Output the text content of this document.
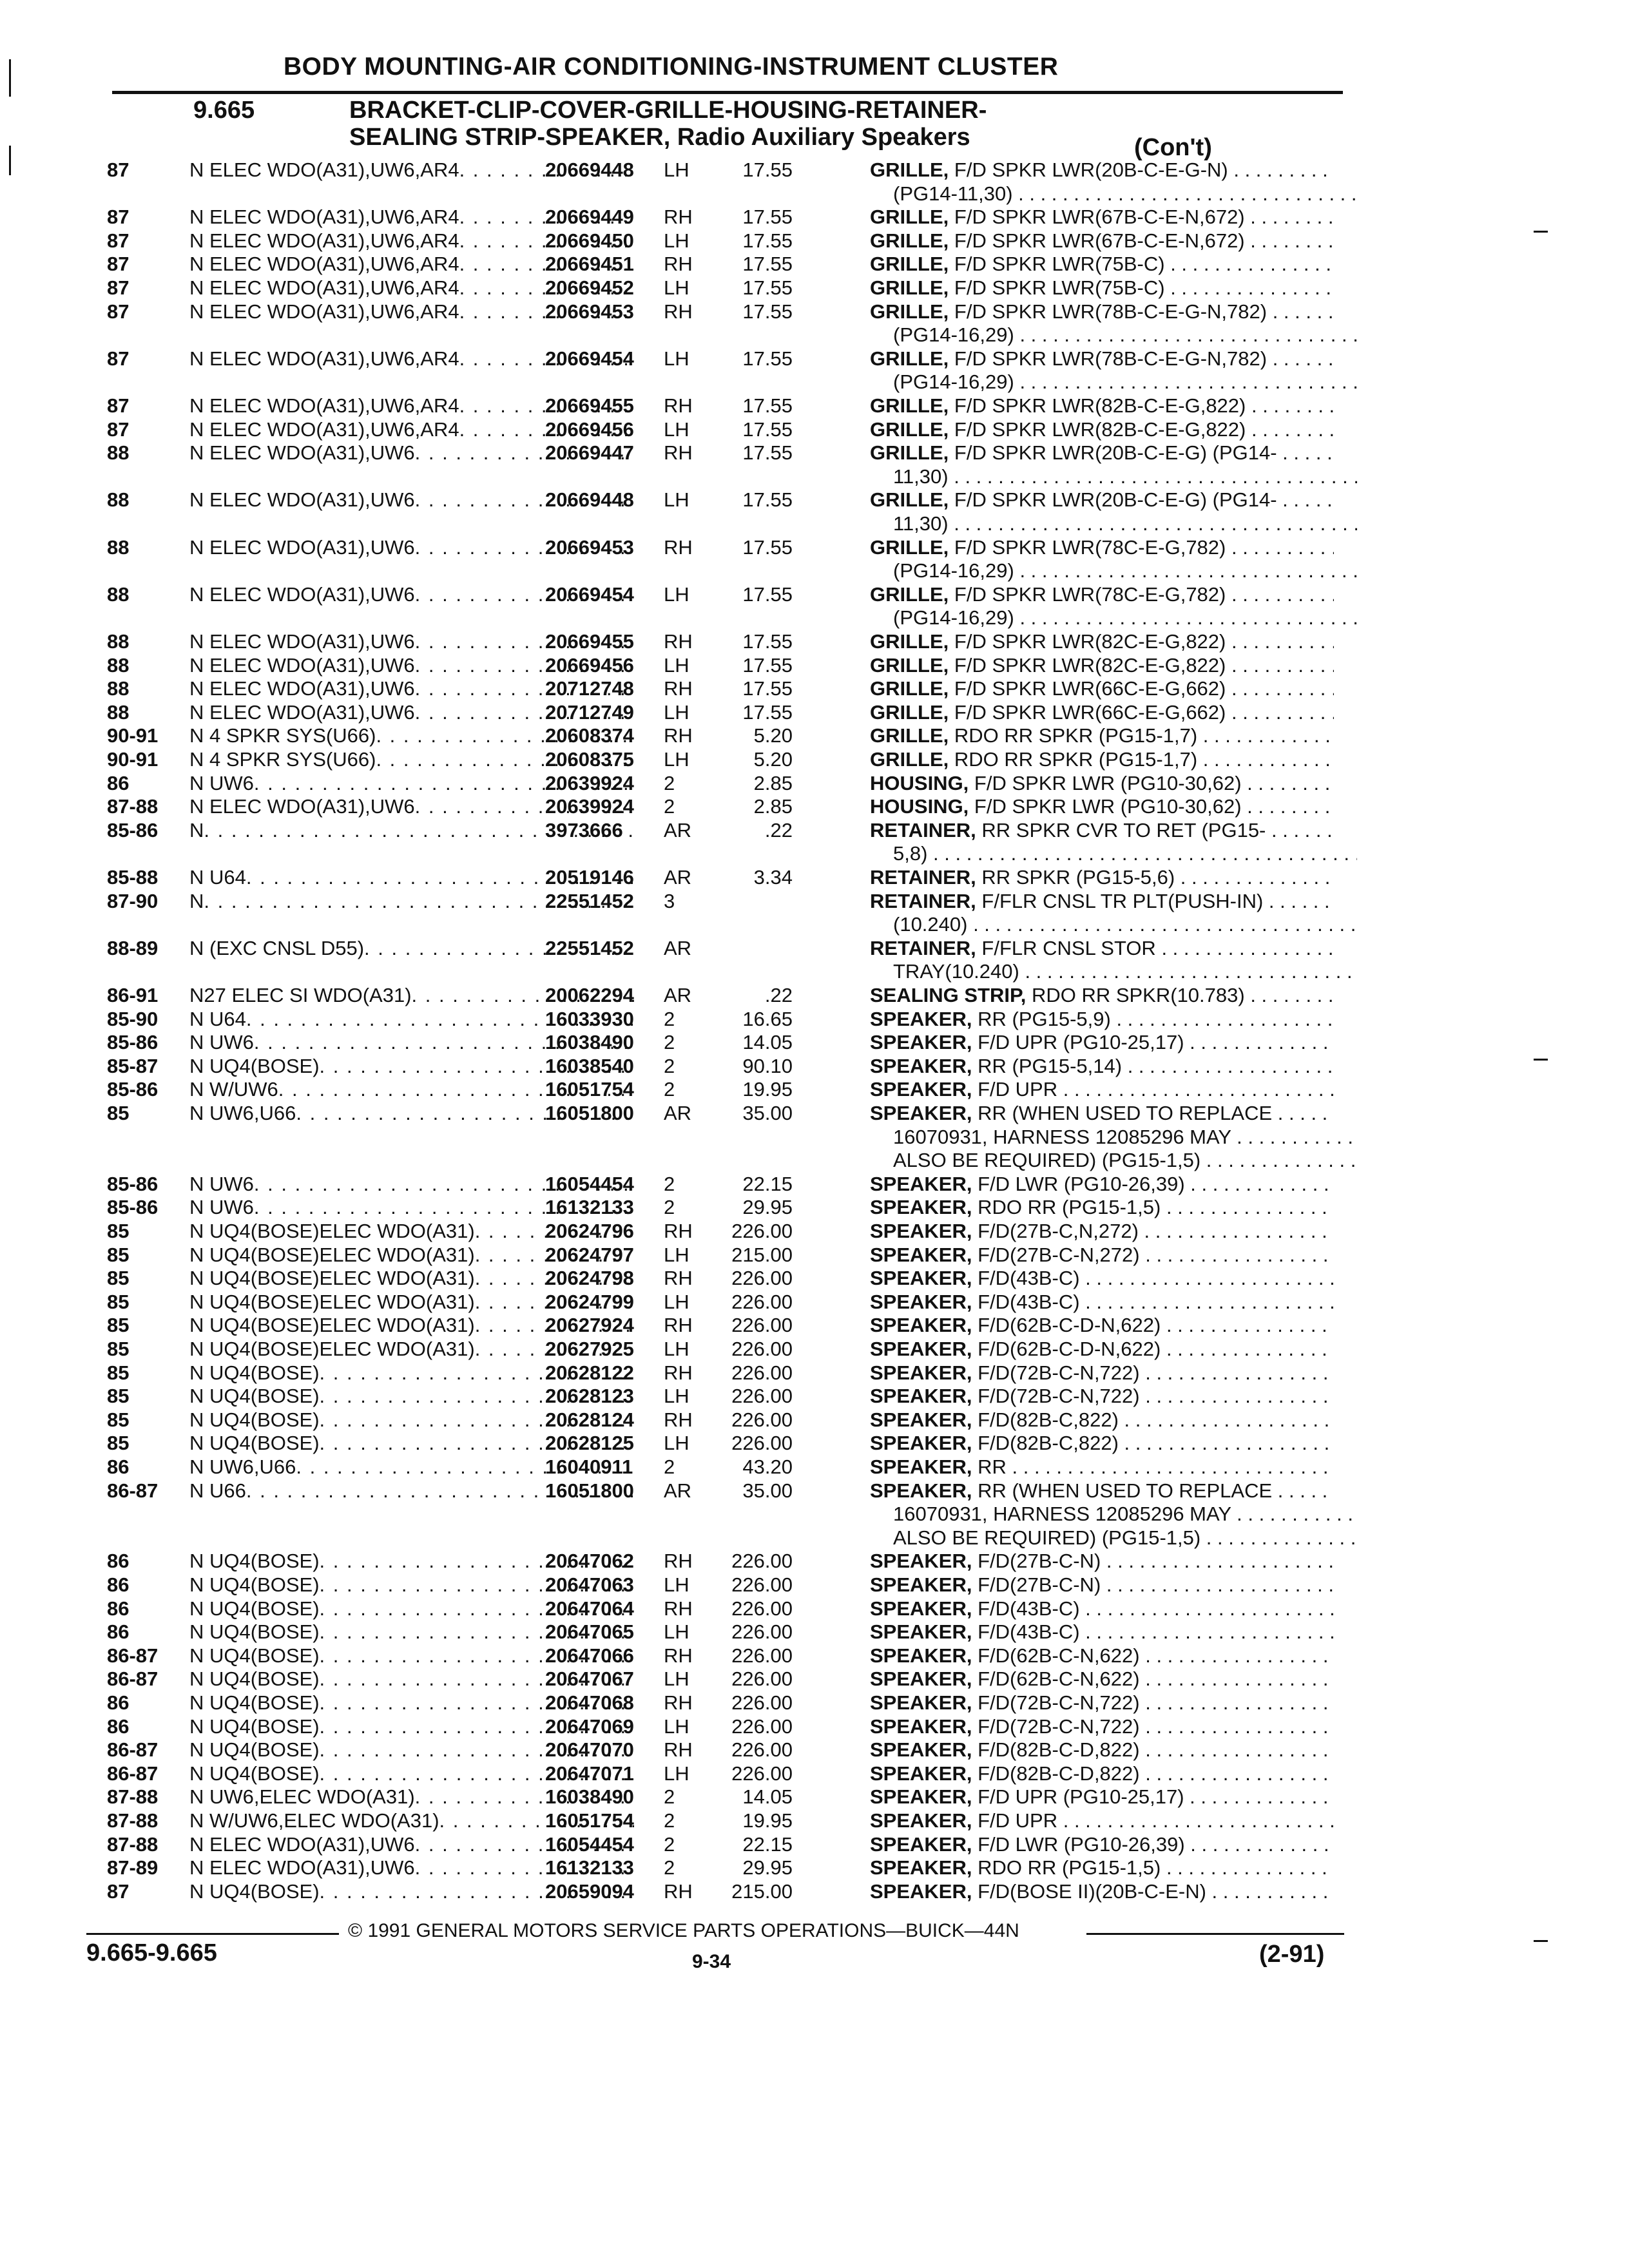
BODY MOUNTING-AIR CONDITIONING-INSTRUMENT CLUSTER
9.665	BRACKET-CLIP-COVER-GRILLE-HOUSING-RETAINER-
SEALING STRIP-SPEAKER, Radio Auxiliary Speakers	(Con't)
87	N ELEC WDO(A31),UW6,AR4 . . .	20669448 LH	17.55	GRILLE, F/D SPKR LWR(20B-C-E-G-N) . . .
(PG14-11,30) . . .
87	N ELEC WDO(A31),UW6,AR4 . . .	20669449 RH	17.55	GRILLE, F/D SPKR LWR(67B-C-E-N,672) . . .
87	N ELEC WDO(A31),UW6,AR4 . . .	20669450 LH	17.55	GRILLE, F/D SPKR LWR(67B-C-E-N,672) . . .
87	N ELEC WDO(A31),UW6,AR4 . . .	20669451 RH	17.55	GRILLE, F/D SPKR LWR(75B-C) . . .
87	N ELEC WDO(A31),UW6,AR4 . . .	20669452 LH	17.55	GRILLE, F/D SPKR LWR(75B-C) . . .
87	N ELEC WDO(A31),UW6,AR4 . . .	20669453 RH	17.55	GRILLE, F/D SPKR LWR(78B-C-E-G-N,782) . . .
(PG14-16,29) . . .
87	N ELEC WDO(A31),UW6,AR4 . . .	20669454 LH	17.55	GRILLE, F/D SPKR LWR(78B-C-E-G-N,782) . . .
(PG14-16,29) . . .
87	N ELEC WDO(A31),UW6,AR4 . . .	20669455 RH	17.55	GRILLE, F/D SPKR LWR(82B-C-E-G,822) . . .
87	N ELEC WDO(A31),UW6,AR4 . . .	20669456 LH	17.55	GRILLE, F/D SPKR LWR(82B-C-E-G,822) . . .
88	N ELEC WDO(A31),UW6 . . .	20669447 RH	17.55	GRILLE, F/D SPKR LWR(20B-C-E-G) (PG14- . . .
11,30) . . .
88	N ELEC WDO(A31),UW6 . . .	20669448 LH	17.55	GRILLE, F/D SPKR LWR(20B-C-E-G) (PG14- . . .
11,30) . . .
88	N ELEC WDO(A31),UW6 . . .	20669453 RH	17.55	GRILLE, F/D SPKR LWR(78C-E-G,782) . . .
(PG14-16,29) . . .
88	N ELEC WDO(A31),UW6 . . .	20669454 LH	17.55	GRILLE, F/D SPKR LWR(78C-E-G,782) . . .
(PG14-16,29) . . .
88	N ELEC WDO(A31),UW6 . . .	20669455 RH	17.55	GRILLE, F/D SPKR LWR(82C-E-G,822) . . .
88	N ELEC WDO(A31),UW6 . . .	20669456 LH	17.55	GRILLE, F/D SPKR LWR(82C-E-G,822) . . .
88	N ELEC WDO(A31),UW6 . . .	20712748 RH	17.55	GRILLE, F/D SPKR LWR(66C-E-G,662) . . .
88	N ELEC WDO(A31),UW6 . . .	20712749 LH	17.55	GRILLE, F/D SPKR LWR(66C-E-G,662) . . .
90-91 N 4 SPKR SYS(U66) . . .	20608374 RH	5.20	GRILLE, RDO RR SPKR (PG15-1,7) . . .
90-91 N 4 SPKR SYS(U66) . . .	20608375 LH	5.20	GRILLE, RDO RR SPKR (PG15-1,7) . . .
86	N UW6 . . .	20639924 2	2.85	HOUSING, F/D SPKR LWR (PG10-30,62) . . .
87-88 N ELEC WDO(A31),UW6 . . .	20639924 2	2.85	HOUSING, F/D SPKR LWR (PG10-30,62) . . .
85-86 N . . .	3973666 AR	.22	RETAINER, RR SPKR CVR TO RET (PG15- . . .
5,8) . . .
85-88 N U64 . . .	20519146 AR	3.34	RETAINER, RR SPKR (PG15-5,6) . . .
87-90 N . . .	22551452 3	RETAINER, F/FLR CNSL TR PLT(PUSH-IN) . . .
(10.240) . . .
88-89 N (EXC CNSL D55) . . .	22551452 AR	RETAINER, F/FLR CNSL STOR . . .
TRAY(10.240) . . .
86-91 N27 ELEC SI WDO(A31) . . .	20062294 AR	.22	SEALING STRIP, RDO RR SPKR(10.783) . . .
85-90 N U64 . . .	16033930 2	16.65	SPEAKER, RR (PG15-5,9) . . .
85-86 N UW6 . . .	16038490 2	14.05	SPEAKER, F/D UPR (PG10-25,17) . . .
85-87 N UQ4(BOSE) . . .	16038540 2	90.10	SPEAKER, RR (PG15-5,14) . . .
85-86 N W/UW6 . . .	16051754 2	19.95	SPEAKER, F/D UPR . . .
85	N UW6,U66 . . .	16051800 AR	35.00	SPEAKER, RR (WHEN USED TO REPLACE . . .
16070931, HARNESS 12085296 MAY . . .
ALSO BE REQUIRED) (PG15-1,5) . . .
85-86 N UW6 . . .	16054454 2	22.15	SPEAKER, F/D LWR (PG10-26,39) . . .
85-86 N UW6 . . .	16132133 2	29.95	SPEAKER, RDO RR (PG15-1,5) . . .
85	N UQ4(BOSE)ELEC WDO(A31) . . .	20624796 RH	226.00	SPEAKER, F/D(27B-C,N,272) . . .
85	N UQ4(BOSE)ELEC WDO(A31) . . .	20624797 LH	215.00	SPEAKER, F/D(27B-C-N,272) . . .
85	N UQ4(BOSE)ELEC WDO(A31) . . .	20624798 RH	226.00	SPEAKER, F/D(43B-C) . . .
85	N UQ4(BOSE)ELEC WDO(A31) . . .	20624799 LH	226.00	SPEAKER, F/D(43B-C) . . .
85	N UQ4(BOSE)ELEC WDO(A31) . . .	20627924 RH	226.00	SPEAKER, F/D(62B-C-D-N,622) . . .
85	N UQ4(BOSE)ELEC WDO(A31) . . .	20627925 LH	226.00	SPEAKER, F/D(62B-C-D-N,622) . . .
85	N UQ4(BOSE) . . .	20628122 RH	226.00	SPEAKER, F/D(72B-C-N,722) . . .
85	N UQ4(BOSE) . . .	20628123 LH	226.00	SPEAKER, F/D(72B-C-N,722) . . .
85	N UQ4(BOSE) . . .	20628124 RH	226.00	SPEAKER, F/D(82B-C,822) . . .
85	N UQ4(BOSE) . . .	20628125 LH	226.00	SPEAKER, F/D(82B-C,822) . . .
86	N UW6,U66 . . .	16040911 2	43.20	SPEAKER, RR . . .
86-87 N U66 . . .	16051800 AR	35.00	SPEAKER, RR (WHEN USED TO REPLACE . . .
16070931, HARNESS 12085296 MAY . . .
ALSO BE REQUIRED) (PG15-1,5) . . .
86	N UQ4(BOSE) . . .	20647062 RH	226.00	SPEAKER, F/D(27B-C-N) . . .
86	N UQ4(BOSE) . . .	20647063 LH	226.00	SPEAKER, F/D(27B-C-N) . . .
86	N UQ4(BOSE) . . .	20647064 RH	226.00	SPEAKER, F/D(43B-C) . . .
86	N UQ4(BOSE) . . .	20647065 LH	226.00	SPEAKER, F/D(43B-C) . . .
86-87 N UQ4(BOSE) . . .	20647066 RH	226.00	SPEAKER, F/D(62B-C-N,622) . . .
86-87 N UQ4(BOSE) . . .	20647067 LH	226.00	SPEAKER, F/D(62B-C-N,622) . . .
86	N UQ4(BOSE) . . .	20647068 RH	226.00	SPEAKER, F/D(72B-C-N,722) . . .
86	N UQ4(BOSE) . . .	20647069 LH	226.00	SPEAKER, F/D(72B-C-N,722) . . .
86-87 N UQ4(BOSE) . . .	20647070 RH	226.00	SPEAKER, F/D(82B-C-D,822) . . .
86-87 N UQ4(BOSE) . . .	20647071 LH	226.00	SPEAKER, F/D(82B-C-D,822) . . .
87-88 N UW6,ELEC WDO(A31) . . .	16038490 2	14.05	SPEAKER, F/D UPR (PG10-25,17) . . .
87-88 N W/UW6,ELEC WDO(A31) . . .	16051754 2	19.95	SPEAKER, F/D UPR . . .
87-88 N ELEC WDO(A31),UW6 . . .	16054454 2	22.15	SPEAKER, F/D LWR (PG10-26,39) . . .
87-89 N ELEC WDO(A31),UW6 . . .	16132133 2	29.95	SPEAKER, RDO RR (PG15-1,5) . . .
87	N UQ4(BOSE) . . .	20659094 RH	215.00	SPEAKER, F/D(BOSE II)(20B-C-E-N) . . .
© 1991 GENERAL MOTORS SERVICE PARTS OPERATIONS—BUICK—44N
9.665-9.665	9-34	(2-91)
